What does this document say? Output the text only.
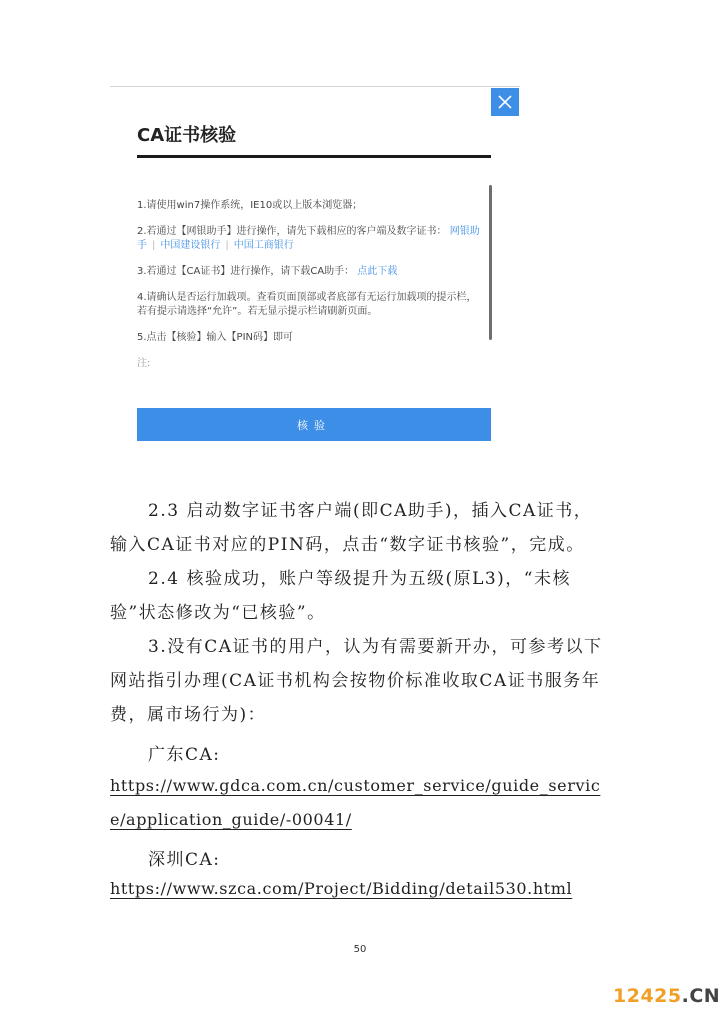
CA证书核验
1.请使用win7操作系统，IE10或以上版本浏览器；
2.若通过【网银助手】进行操作，请先下载相应的客户端及数字证书： 网银助手 | 中国建设银行 | 中国工商银行
3.若通过【CA证书】进行操作，请下载CA助手： 点此下载
4.请确认是否运行加载项。查看页面顶部或者底部有无运行加载项的提示栏，若有提示请选择“允许”。若无显示提示栏请刷新页面。
5.点击【核验】输入【PIN码】即可
注:
核验

2.3 启动数字证书客户端(即CA助手)，插入CA证书，输入CA证书对应的PIN码，点击“数字证书核验”，完成。

2.4 核验成功，账户等级提升为五级(原L3)，“未核验”状态修改为“已核验”。

3.没有CA证书的用户，认为有需要新开办，可参考以下网站指引办理(CA证书机构会按物价标准收取CA证书服务年费，属市场行为)：

广东CA:
https://www.gdca.com.cn/customer_service/guide_service/application_guide/-00041/
深圳CA:
https://www.szca.com/Project/Bidding/detail530.html
50
12425.CN
